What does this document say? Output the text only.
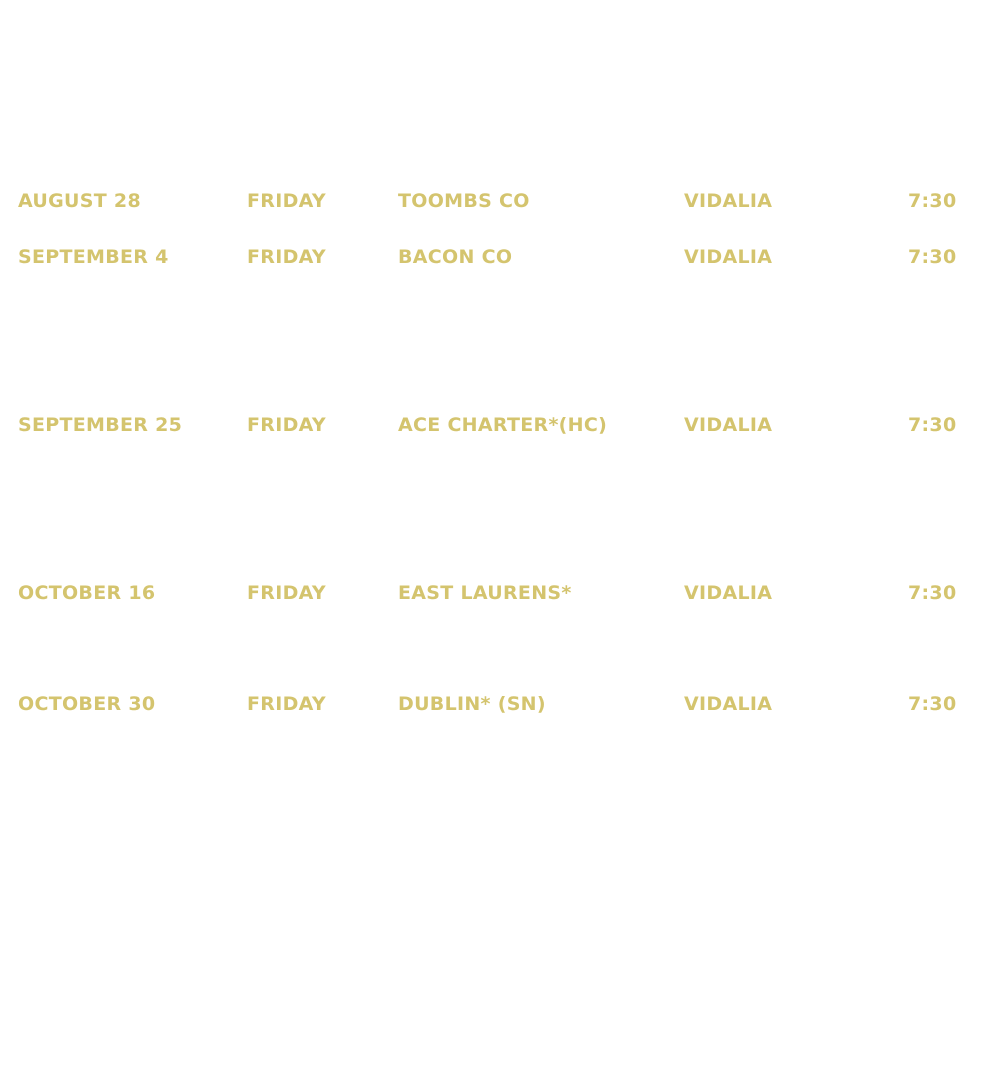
AUGUST 28	FRIDAY	TOOMBS CO	VIDALIA	7:30
SEPTEMBER 4	FRIDAY	BACON CO	VIDALIA	7:30
SEPTEMBER 25	FRIDAY	ACE CHARTER*(HC)	VIDALIA	7:30
OCTOBER 16	FRIDAY	EAST LAURENS*	VIDALIA	7:30
OCTOBER 30	FRIDAY	DUBLIN* (SN)	VIDALIA	7:30
